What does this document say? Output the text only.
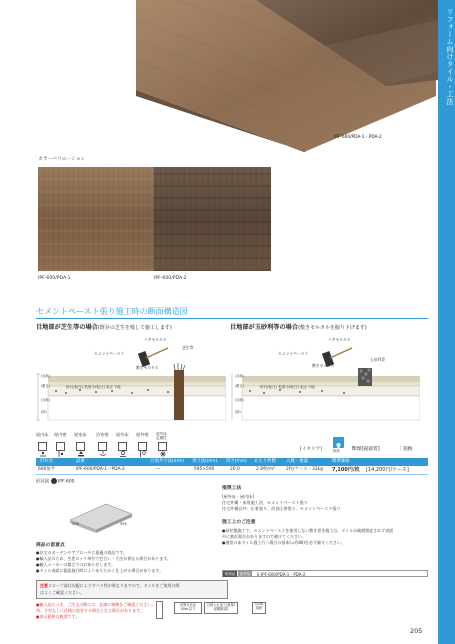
リフォーム向けタイル・工法
IPF-600/PDA-1・PDA-2
カラーバリエーション
IPF-600/PDA-1	IPF-600/PDA-2
セメントペースト張り施工時の断面構造図
目地部が芝生等の場合(既存の芝生を残して施工します)
バサモルタル
セメントペースト
芝生等
敷きモルタル
(目地)
(敷き)
(目地)
(砂)
砕石(転圧) 粒度小(転圧) 転圧下地
目地部が玉砂利等の場合(敷きモルタルを掘り下げます)
バサモルタル
セメントペースト
敷きモルタル
玉砂利等
(目地)
(敷き)
(目地)
(砂)
砕石(転圧) 粒度小(転圧) 転圧下地
屋内床 屋内壁 屋室床 浴室壁 屋外床 屋外壁 屋外床 定期性
[イタリア]	防滑	BI類[磁器質]	｜施釉
形状名	品番	目地共寸法(mm) 実寸法(mm) 厚さ(mm) あたり枚数 入数・重量	標準価格
600角平	IPF-600/PDA-1～PDA-2	—	595×595	20.0	2.8枚/m²	2枚/ケース・33kg 7,100円/枚 [14,200円/ケース]
形状図 IPF-600
595	595
推奨工法
[屋外床・屋内床]
住宅外構・床用施工法、セメントペースト張り
住宅外構以外：圧着張り、改良圧着張り、セメントペースト張り
施工上のご注意
●砂状態施工で、セメントペーストを使用しない敷き巻き施工は、タイルが破損頻度されず表面
中に割れ場合がありますので避けてください。
●通常の床タイル施工行う場合の基本(=約80)を必ず厳守ください。
商品の留意点
●住宅のガーデンやアプローチに最適の商品です。
●輸入品のため、生産ロット単位で色合い・寸法が異なる場合があります。
●輸入メーカーの都合でのお知らせします。
●タイル表面に粗面施行時によりあたたかく仕上がる場合があります。
推奨品	参考品	E-IPF-600/PDA-1・PDA-2
注意スロープ部は勾配によりすべり性が異なりますので、タイルをご使用の際
はよくご確認ください。
●輸入品につき、ご注文の際には、在庫に納期をご確認ください。
尚、予告なしに仕様の変更する場合となる場合があります。
●表示価格は税別です。
切断対応品
30ｍ以下
目地入れ加工(新規)
納期相談
CGIR 規格
205
